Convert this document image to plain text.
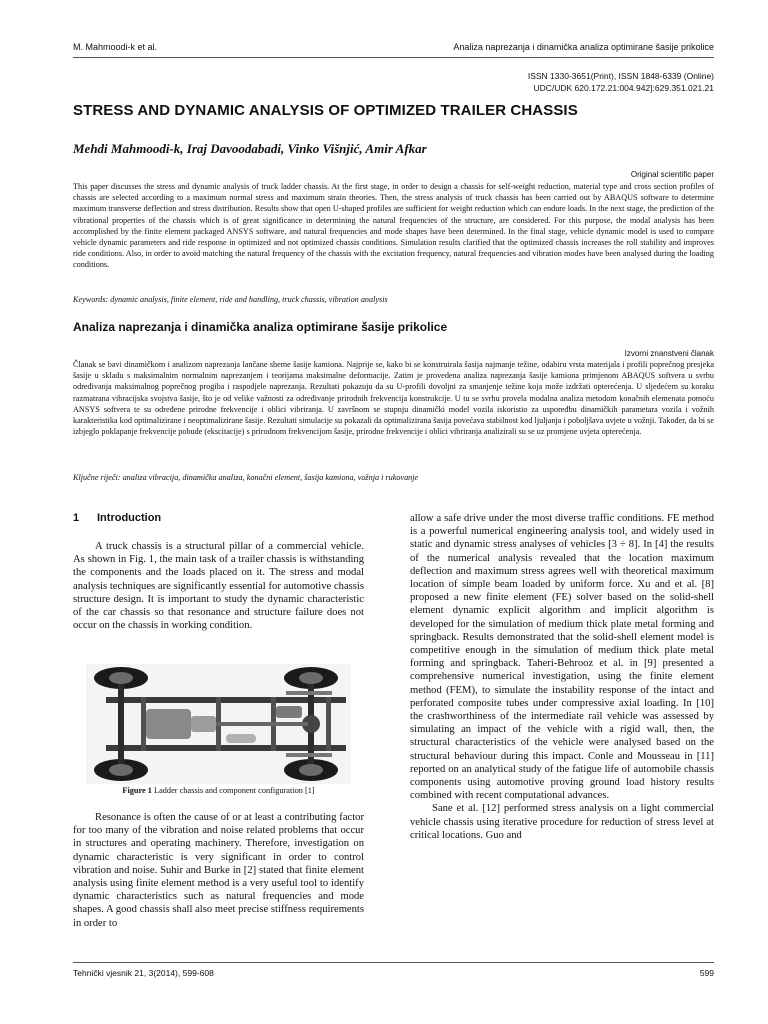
M. Mahmoodi-k et al.	Analiza naprezanja i dinamička analiza optimirane šasije prikolice
ISSN 1330-3651(Print), ISSN 1848-6339 (Online)
UDC/UDK 620.172.21:004.942]:629.351.021.21
STRESS AND DYNAMIC ANALYSIS OF OPTIMIZED TRAILER CHASSIS
Mehdi Mahmoodi-k, Iraj Davoodabadi, Vinko Višnjić, Amir Afkar
Original scientific paper

This paper discusses the stress and dynamic analysis of truck ladder chassis. At the first stage, in order to design a chassis for self-weight reduction, material type and cross section profiles of chassis are selected according to a maximum normal stress and maximum strain theories. Then, the stress analysis of truck chassis has been carried out by ABAQUS software to determine maximum transverse deflection and stress distribution. Results show that open U-shaped profiles are sufficient for weight reduction which can endure loads. In the next stage, the prediction of the vibrational properties of the chassis which is of great significance in determining the natural frequencies of the structure, are considered. For this purpose, the modal analysis has been accomplished by the finite element packaged ANSYS software, and natural frequencies and mode shapes have been determined. In the final stage, vehicle dynamic model is used to compare vehicle dynamic parameters and ride response in optimized and not optimized chassis conditions. Simulation results clarified that the optimized chassis increases the roll stability and improves ride conditions. Also, in order to avoid matching the natural frequency of the chassis with the excitation frequency, natural frequencies and vibration modes have been analysed during the loading conditions.

Keywords: dynamic analysis, finite element, ride and handling, truck chassis, vibration analysis
Analiza naprezanja i dinamička analiza optimirane šasije prikolice
Izvorni znanstveni članak

Članak se bavi dinamičkom i analizom naprezanja lančane sheme šasije kamiona. Najprije se, kako bi se konstruirala šasija najmanje težine, odabiru vrsta materijala i profili poprečnog presjeka šasije u skladu s maksimalnim normalnim naprezanjem i teorijama maksimalne deformacije. Zatim je provedena analiza naprezanja šasije kamiona primjenom ABAQUS softvera u svrhu određivanja maksimalnog poprečnog progiba i raspodjele naprezanja. Rezultati pokazuju da su U-profili dovoljni za smanjenje težine koja može izdržati opterećenja. U sljedećem su koraku razmatrana vibracijska svojstva šasije, što je od velike važnosti za određivanje prirodnih frekvencija konstrukcije. U tu se svrhu provela modalna analiza metodom konačnih elemenata pomoću ANSYS softvera te su određene prirodne frekvencije i oblici vibriranja. U završnom se stupnju dinamički model vozila iskoristio za uspoređbu dinamičkih parametara vozila i vožnih karakteristika kod optimalizirane i neoptimalizirane šasije. Rezultati simulacije su pokazali da optimalizirana šasija povećava stabilnost kod ljuljanja i poboljšava uvjete u vožnji. Također, da bi se izbjeglo poklapanje frekvencije pobude (ekscitacije) s prirodnom frekvencijom šasije, prirodne frekvencije i oblici vibriranja analizirali su se uz promjene uvjeta opterećenja.

Ključne riječi: analiza vibracija, dinamička analiza, konačni element, šasija kamiona, vožnja i rukovanje
1 Introduction

A truck chassis is a structural pillar of a commercial vehicle. As shown in Fig. 1, the main task of a trailer chassis is withstanding the components and the loads placed on it. The stress and modal analysis techniques are significantly essential for automotive chassis structure design. It is important to study the dynamic characteristic of the car chassis so that resonance and structure failure does not occur on the chassis in working condition.

Figure 1 Ladder chassis and component configuration [1]

Resonance is often the cause of or at least a contributing factor for too many of the vibration and noise related problems that occur in structures and operating machinery. Therefore, investigation on dynamic characteristic is very significant in order to control vibration and noise. Suhir and Burke in [2] stated that finite element analysis using finite element method is a very useful tool to identify dynamic characteristics such as natural frequencies and mode shapes. A good chassis shall also meet precise stiffness requirements in order to

allow a safe drive under the most diverse traffic conditions. FE method is a powerful numerical engineering analysis tool, and widely used in static and dynamic stress analyses of vehicles [3 ÷ 8]. In [4] the results of the numerical analysis revealed that the location maximum deflection and maximum stress agrees well with theoretical maximum location of simple beam loaded by uniform force. Xu and et al. [8] proposed a new finite element (FE) solver based on the solid-shell element dynamic explicit algorithm and implicit algorithm is developed for the simulation of medium thick plate metal forming and springback. Results demonstrated that the solid-shell element model is competitive enough in the simulation of medium thick plate metal forming and springback. Taheri-Behrooz et al. in [9] presented a comprehensive numerical investigation, using the finite element method (FEM), to simulate the instability response of the intact and perforated composite tubes under compressive axial loading. In [10] the crashworthiness of the intermediate rail vehicle was assessed by simulating an impact of the vehicle with a rigid wall, then, the structural characteristics of the vehicle were analysed based on the structural behaviour during this impact. Conle and Mousseau in [11] reported on an analytical study of the fatigue life of automobile chassis components using automotive proving ground load history results combined with recent computational advances.

Sane et al. [12] performed stress analysis on a light commercial vehicle chassis using iterative procedure for reduction of stress level at critical locations. Guo and

Tehnički vjesnik 21, 3(2014), 599-608	599
